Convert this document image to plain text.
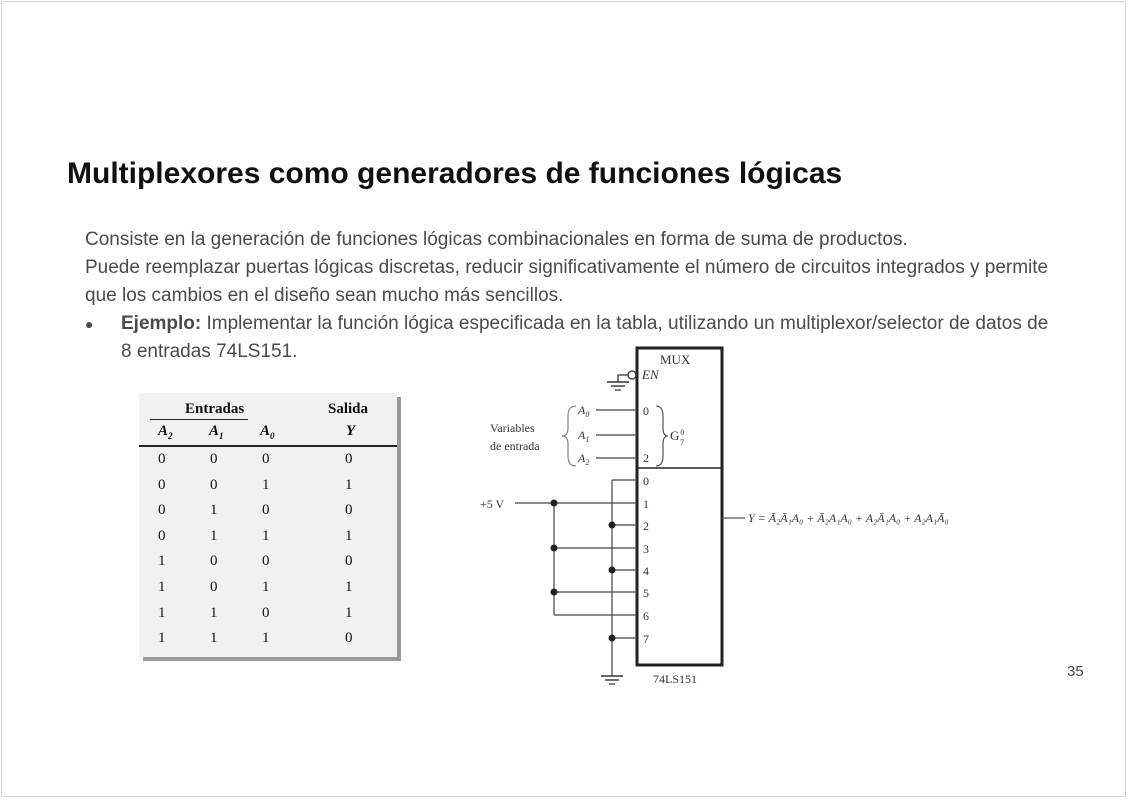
Multiplexores como generadores de funciones lógicas

Consiste en la generación de funciones lógicas combinacionales en forma de suma de productos.

Puede reemplazar puertas lógicas discretas, reducir significativamente el número de circuitos integrados y permite que los cambios en el diseño sean mucho más sencillos.

● Ejemplo: Implementar la función lógica especificada en la tabla, utilizando un multiplexor/selector de datos de 8 entradas 74LS151.

Entradas	Salida
$A_2$ $A_1$ $A_0$	Y
0	0	0	0
0	0	1	1
0	1	0	0
0	1	1	1
1	0	0	0
1	0	1	1
1	1	0	1
1	1	1	0
MUX
EN
Variables
de entrada
$A_0$
$A_1$
$A_2$
0
2
$G^0$
7
+5 V
0
1
2
3
4
5
6
7
Y = Ā₂Ā₁A₀ + Ā₂A₁A₀ + A₂Ā₁A₀ + A₂A₁Ā₀
74LS151	35
